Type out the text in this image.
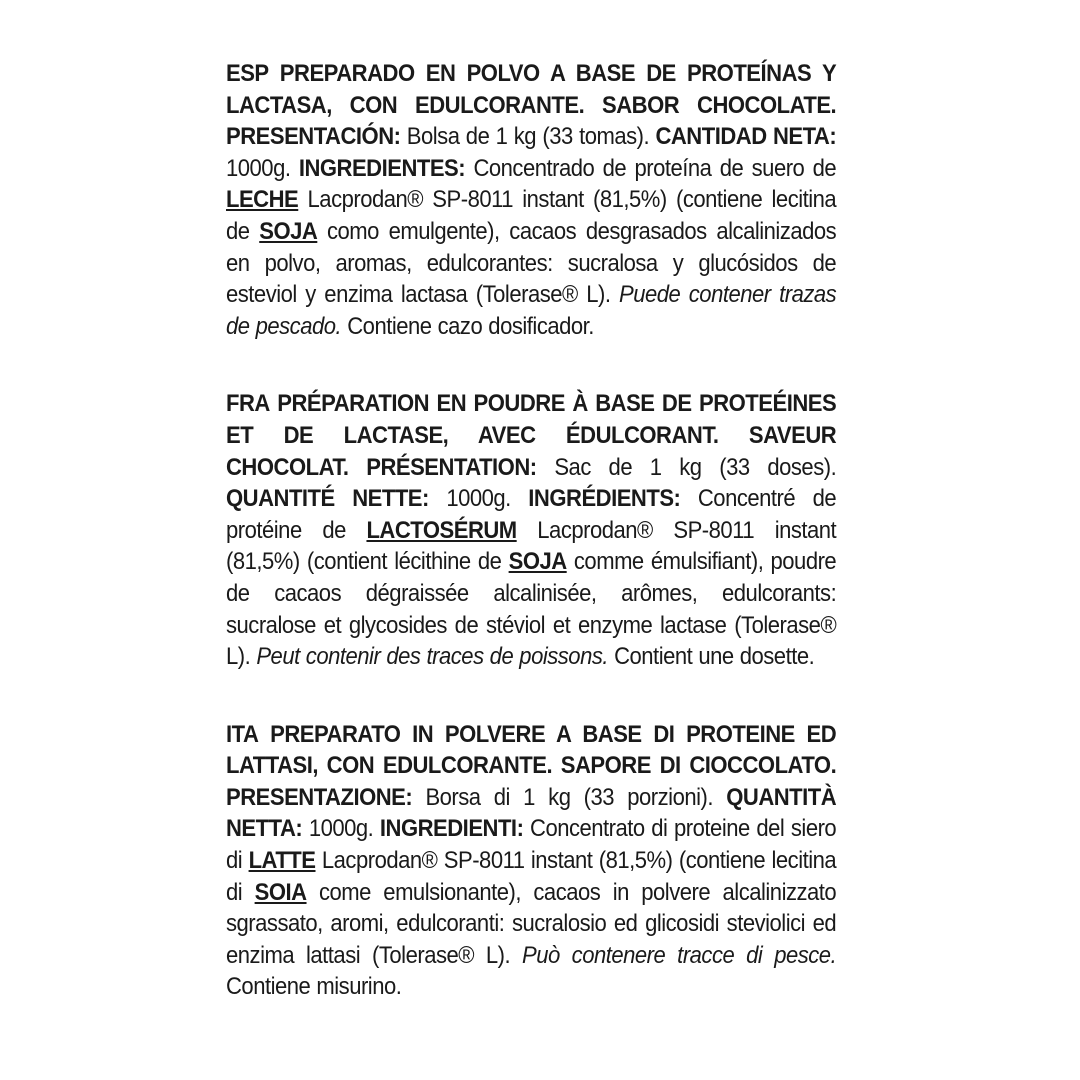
ESP PREPARADO EN POLVO A BASE DE PROTEÍNAS Y LACTASA, CON EDULCORANTE. SABOR CHOCOLATE. PRESENTACIÓN: Bolsa de 1 kg (33 tomas). CANTIDAD NETA: 1000g. INGREDIENTES: Concentrado de proteína de suero de LECHE Lacprodan® SP-8011 instant (81,5%) (contiene lecitina de SOJA como emulgente), cacaos desgrasados alcalinizados en polvo, aromas, edulcorantes: sucralosa y glucósidos de esteviol y enzima lactasa (Tolerase® L). Puede contener trazas de pescado. Contiene cazo dosificador.
FRA PRÉPARATION EN POUDRE À BASE DE PROTEÉINES ET DE LACTASE, AVEC ÉDULCORANT. SAVEUR CHOCOLAT. PRÉSENTATION: Sac de 1 kg (33 doses). QUANTITÉ NETTE: 1000g. INGRÉDIENTS: Concentré de protéine de LACTOSÉRUM Lacprodan® SP-8011 instant (81,5%) (contient lécithine de SOJA comme émulsifiant), poudre de cacaos dégraissée alcalinisée, arômes, edulcorants: sucralose et glycosides de stéviol et enzyme lactase (Tolerase® L). Peut contenir des traces de poissons. Contient une dosette.
ITA PREPARATO IN POLVERE A BASE DI PROTEINE ED LATTASI, CON EDULCORANTE. SAPORE DI CIOCCOLATO. PRESENTAZIONE: Borsa di 1 kg (33 porzioni). QUANTITÀ NETTA: 1000g. INGREDIENTI: Concentrato di proteine del siero di LATTE Lacprodan® SP-8011 instant (81,5%) (contiene lecitina di SOIA come emulsionante), cacaos in polvere alcalinizzato sgrassato, aromi, edulcoranti: sucralosio ed glicosidi steviolici ed enzima lattasi (Tolerase® L). Può contenere tracce di pesce. Contiene misurino.
